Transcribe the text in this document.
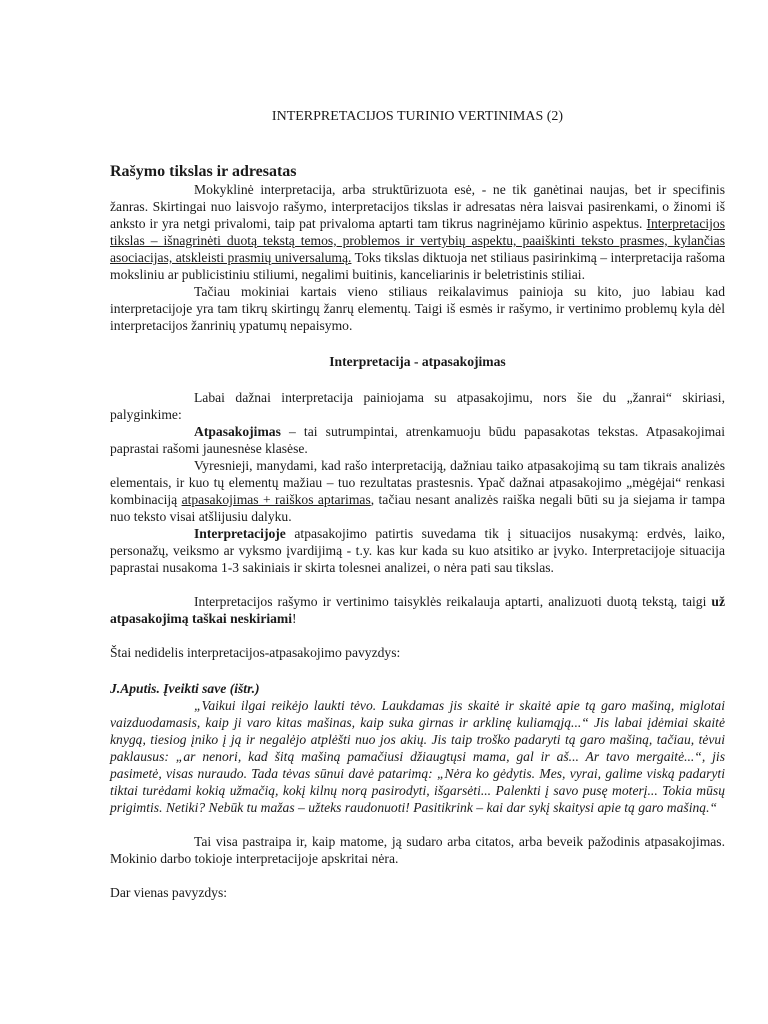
INTERPRETACIJOS TURINIO VERTINIMAS (2)
Rašymo tikslas ir adresatas

Mokyklinė interpretacija, arba struktūrizuota esė, - ne tik ganėtinai naujas, bet ir specifinis žanras. Skirtingai nuo laisvojo rašymo, interpretacijos tikslas ir adresatas nėra laisvai pasirenkami, o žinomi iš anksto ir yra netgi privalomi, taip pat privaloma aptarti tam tikrus nagrinėjamo kūrinio aspektus. Interpretacijos tikslas – išnagrinėti duotą tekstą temos, problemos ir vertybių aspektu, paaiškinti teksto prasmes, kylančias asociacijas, atskleisti prasmių universalumą. Toks tikslas diktuoja net stiliaus pasirinkimą – interpretacija rašoma moksliniu ar publicistiniu stiliumi, negalimi buitinis, kanceliarinis ir beletristinis stiliai.

Tačiau mokiniai kartais vieno stiliaus reikalavimus painioja su kito, juo labiau kad interpretacijoje yra tam tikrų skirtingų žanrų elementų. Taigi iš esmės ir rašymo, ir vertinimo problemų kyla dėl interpretacijos žanrinių ypatumų nepaisymo.

Interpretacija - atpasakojimas

Labai dažnai interpretacija painiojama su atpasakojimu, nors šie du „žanrai“ skiriasi, palyginkime:

Atpasakojimas – tai sutrumpintai, atrenkamuoju būdu papasakotas tekstas. Atpasakojimai paprastai rašomi jaunesnėse klasėse.

Vyresnieji, manydami, kad rašo interpretaciją, dažniau taiko atpasakojimą su tam tikrais analizės elementais, ir kuo tų elementų mažiau – tuo rezultatas prastesnis. Ypač dažnai atpasakojimo „mėgėjai“ renkasi kombinaciją atpasakojimas + raiškos aptarimas, tačiau nesant analizės raiška negali būti su ja siejama ir tampa nuo teksto visai atšlijusiu dalyku.

Interpretacijoje atpasakojimo patirtis suvedama tik į situacijos nusakymą: erdvės, laiko, personažų, veiksmo ar vyksmo įvardijimą - t.y. kas kur kada su kuo atsitiko ar įvyko. Interpretacijoje situacija paprastai nusakoma 1-3 sakiniais ir skirta tolesnei analizei, o nėra pati sau tikslas.

Interpretacijos rašymo ir vertinimo taisyklės reikalauja aptarti, analizuoti duotą tekstą, taigi už atpasakojimą taškai neskiriami!

Štai nedidelis interpretacijos-atpasakojimo pavyzdys:

J.Aputis. Įveikti save (ištr.)

„Vaikui ilgai reikėjo laukti tėvo. Laukdamas jis skaitė ir skaitė apie tą garo mašiną, miglotai vaizduodamasis, kaip ji varo kitas mašinas, kaip suka girnas ir arklinę kuliamąją...“ Jis labai įdėmiai skaitė knygą, tiesiog įniko į ją ir negalėjo atplėšti nuo jos akių. Jis taip troško padaryti tą garo mašiną, tačiau, tėvui paklausus: „ar nenori, kad šitą mašiną pamačiusi džiaugtųsi mama, gal ir aš... Ar tavo mergaitė...“, jis pasimetė, visas nuraudo. Tada tėvas sūnui davė patarimą: „Nėra ko gėdytis. Mes, vyrai, galime viską padaryti tiktai turėdami kokią užmačią, kokį kilnų norą pasirodyti, išgarsėti... Palenkti į savo pusę moterį... Tokia mūsų prigimtis. Netiki? Nebūk tu mažas – užteks raudonuoti! Pasitikrink – kai dar sykį skaitysi apie tą garo mašiną.“

Tai visa pastraipa ir, kaip matome, ją sudaro arba citatos, arba beveik pažodinis atpasakojimas. Mokinio darbo tokioje interpretacijoje apskritai nėra.

Dar vienas pavyzdys:
